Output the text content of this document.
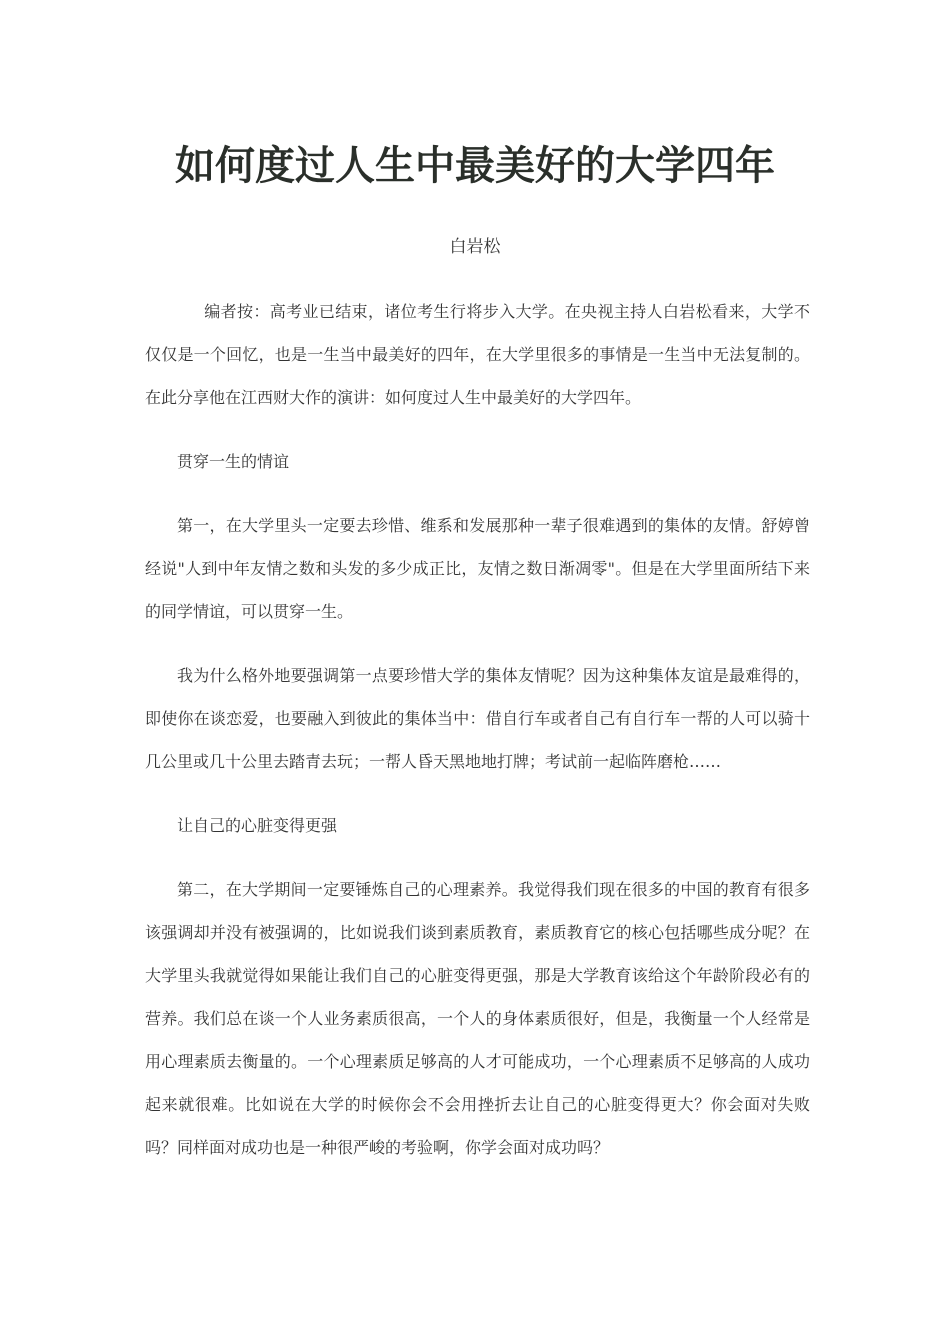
如何度过人生中最美好的大学四年
白岩松

编者按：高考业已结束，诸位考生行将步入大学。在央视主持人白岩松看来，大学不仅仅是一个回忆，也是一生当中最美好的四年，在大学里很多的事情是一生当中无法复制的。在此分享他在江西财大作的演讲：如何度过人生中最美好的大学四年。

贯穿一生的情谊

第一，在大学里头一定要去珍惜、维系和发展那种一辈子很难遇到的集体的友情。舒婷曾经说"人到中年友情之数和头发的多少成正比，友情之数日渐凋零"。但是在大学里面所结下来的同学情谊，可以贯穿一生。

我为什么格外地要强调第一点要珍惜大学的集体友情呢？因为这种集体友谊是最难得的，即使你在谈恋爱，也要融入到彼此的集体当中：借自行车或者自己有自行车一帮的人可以骑十几公里或几十公里去踏青去玩；一帮人昏天黑地地打牌；考试前一起临阵磨枪……

让自己的心脏变得更强

第二，在大学期间一定要锤炼自己的心理素养。我觉得我们现在很多的中国的教育有很多该强调却并没有被强调的，比如说我们谈到素质教育，素质教育它的核心包括哪些成分呢？在大学里头我就觉得如果能让我们自己的心脏变得更强，那是大学教育该给这个年龄阶段必有的营养。我们总在谈一个人业务素质很高，一个人的身体素质很好，但是，我衡量一个人经常是用心理素质去衡量的。一个心理素质足够高的人才可能成功，一个心理素质不足够高的人成功起来就很难。比如说在大学的时候你会不会用挫折去让自己的心脏变得更大？你会面对失败吗？同样面对成功也是一种很严峻的考验啊，你学会面对成功吗？
